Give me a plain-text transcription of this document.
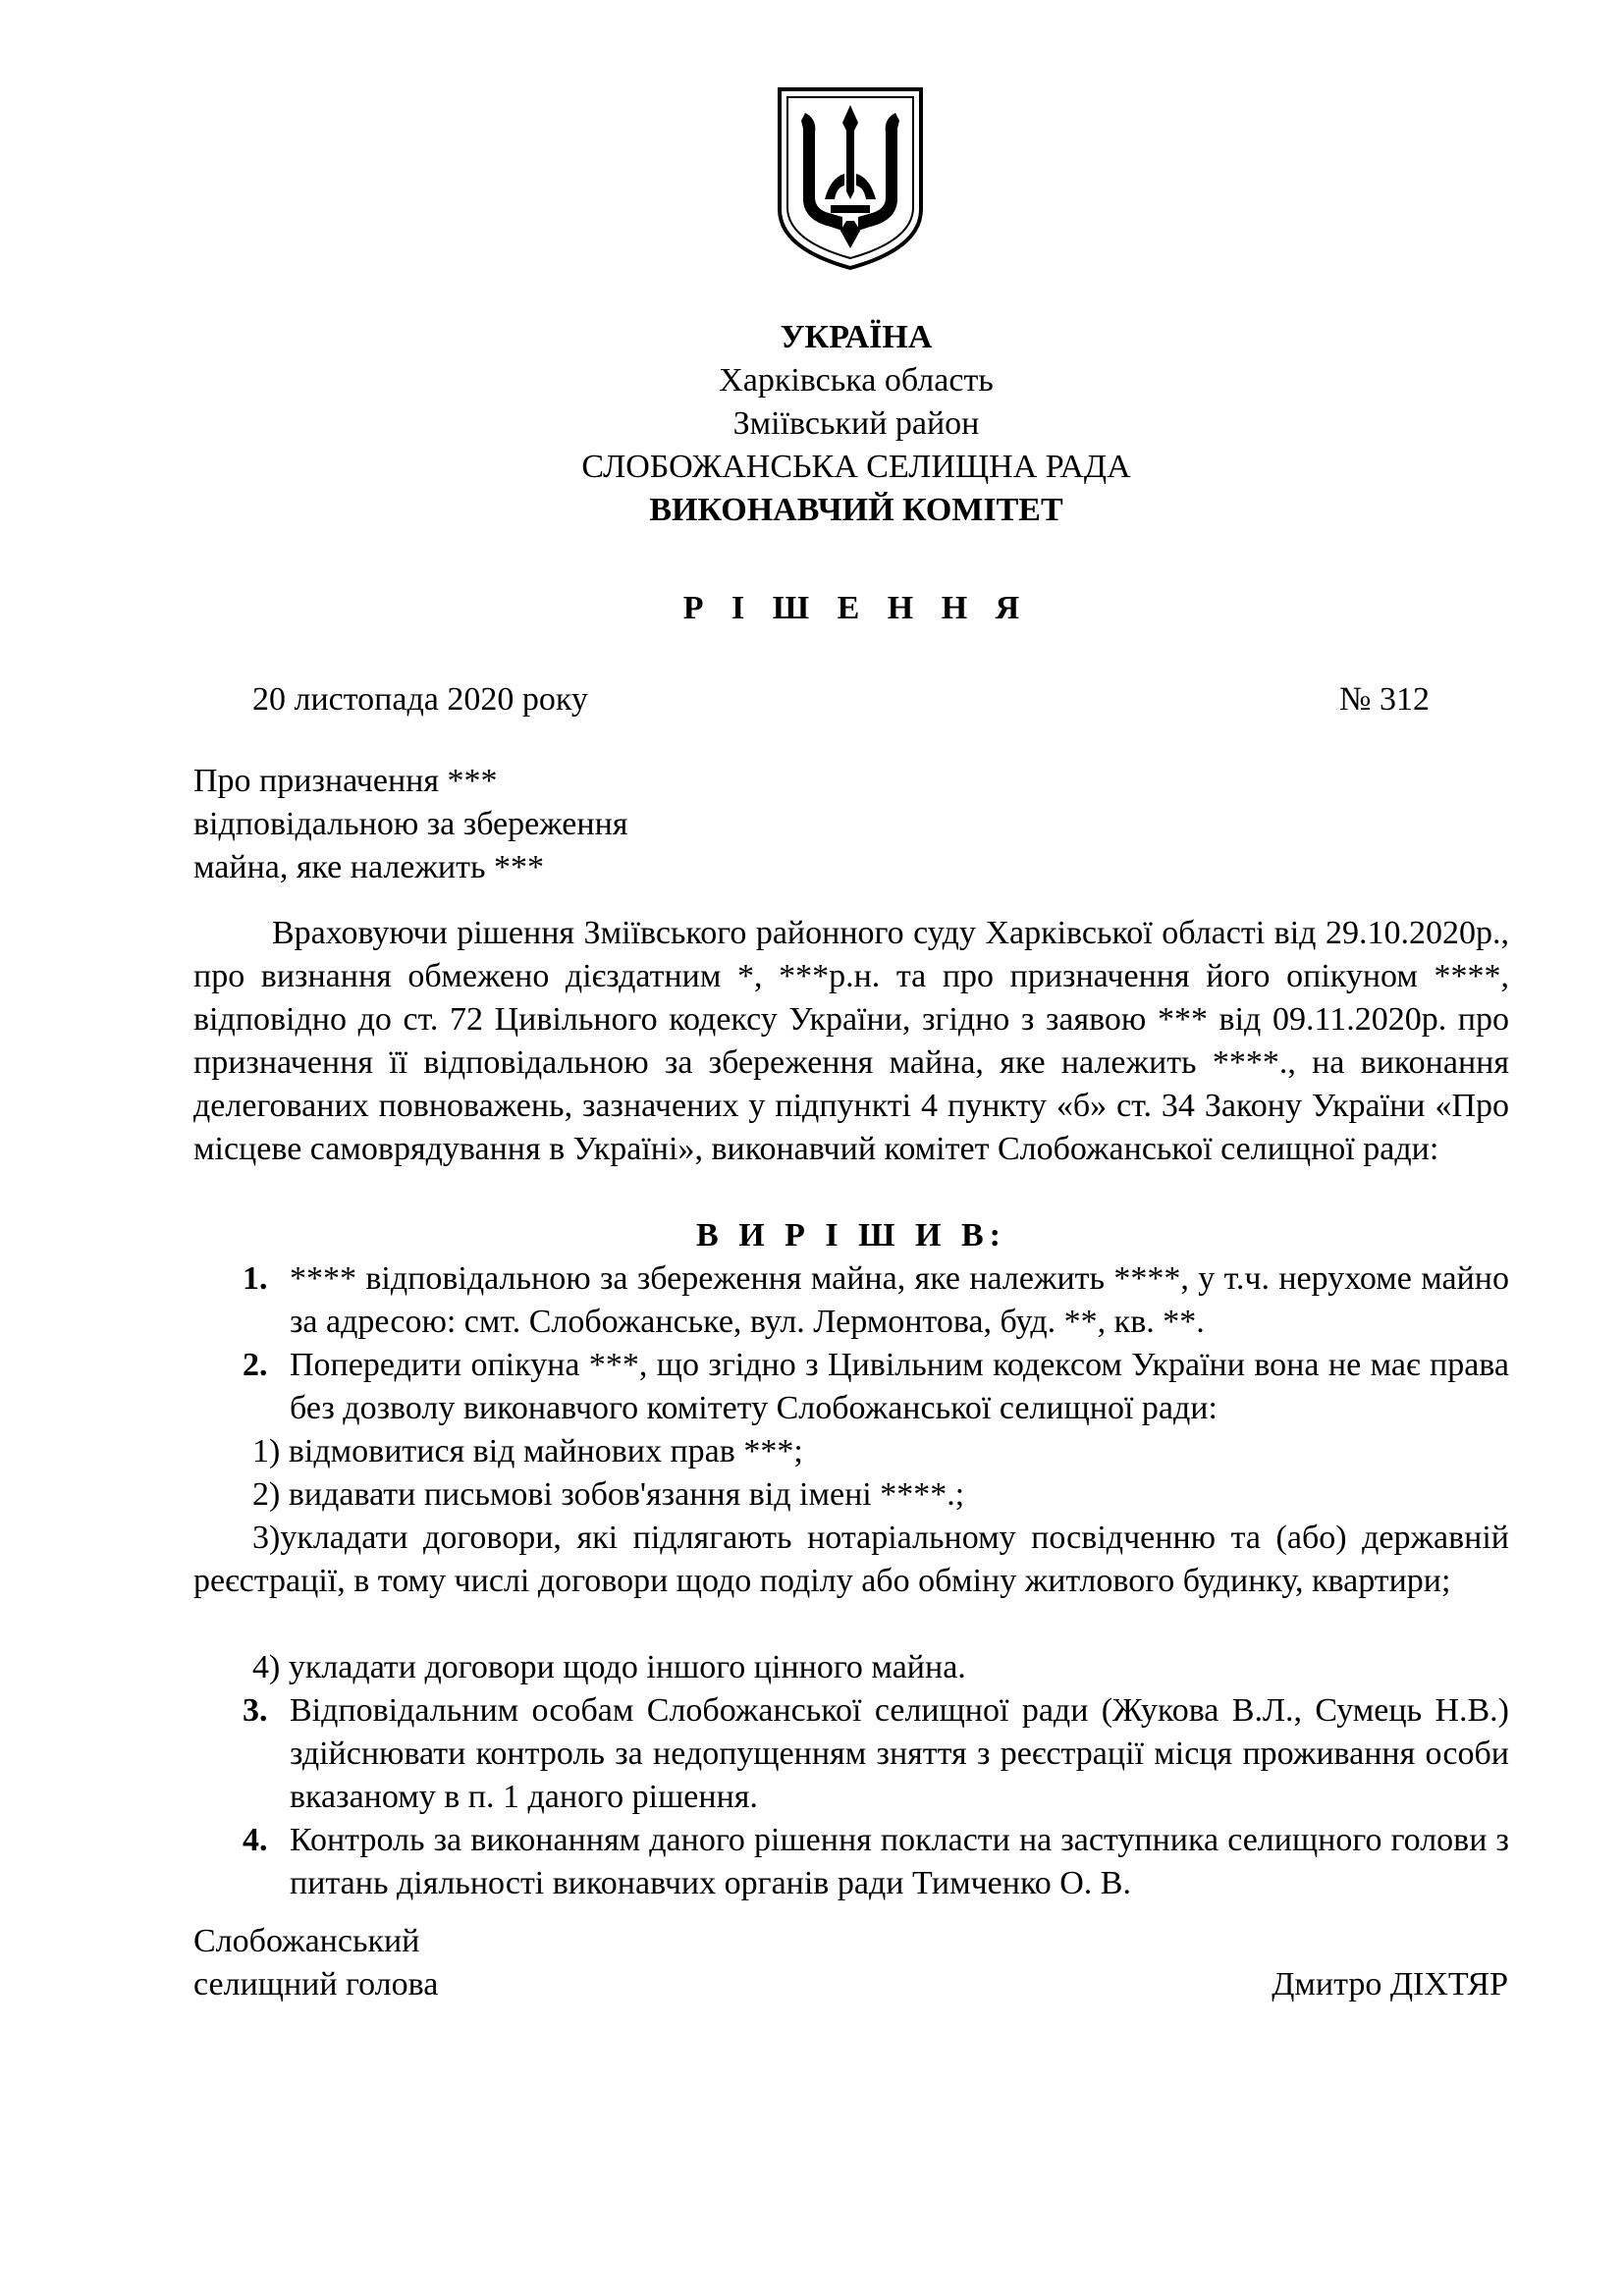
УКРАЇНА
Харківська область
Зміївський район
СЛОБОЖАНСЬКА СЕЛИЩНА РАДА
ВИКОНАВЧИЙ КОМІТЕТ
Р І Ш Е Н Н Я
20 листопада 2020 року	№ 312
Про призначення ***
відповідальною за збереження
майна, яке належить ***

Враховуючи рішення Зміївського районного суду Харківської області від 29.10.2020р., про визнання обмежено дієздатним *, ***р.н. та про призначення його опікуном ****, відповідно до ст. 72 Цивільного кодексу України, згідно з заявою *** від 09.11.2020р. про призначення її відповідальною за збереження майна, яке належить ****., на виконання делегованих повноважень, зазначених у підпункті 4 пункту «б» ст. 34 Закону України «Про місцеве самоврядування в Україні», виконавчий комітет Слобожанської селищної ради:

В И Р І Ш И В:
1. **** відповідальною за збереження майна, яке належить ****, у т.ч. нерухоме майно за адресою: смт. Слобожанське, вул. Лермонтова, буд. **, кв. **.
2. Попередити опікуна ***, що згідно з Цивільним кодексом України вона не має права без дозволу виконавчого комітету Слобожанської селищної ради:
1) відмовитися від майнових прав ***;
2) видавати письмові зобов'язання від імені ****.;
3)укладати договори, які підлягають нотаріальному посвідченню та (або) державній реєстрації, в тому числі договори щодо поділу або обміну житлового будинку, квартири;
4) укладати договори щодо іншого цінного майна.
3. Відповідальним особам Слобожанської селищної ради (Жукова В.Л., Сумець Н.В.) здійснювати контроль за недопущенням зняття з реєстрації місця проживання особи вказаному в п. 1 даного рішення.
4. Контроль за виконанням даного рішення покласти на заступника селищного голови з питань діяльності виконавчих органів ради Тимченко О. В.
Слобожанський
селищний голова	Дмитро ДІХТЯР
